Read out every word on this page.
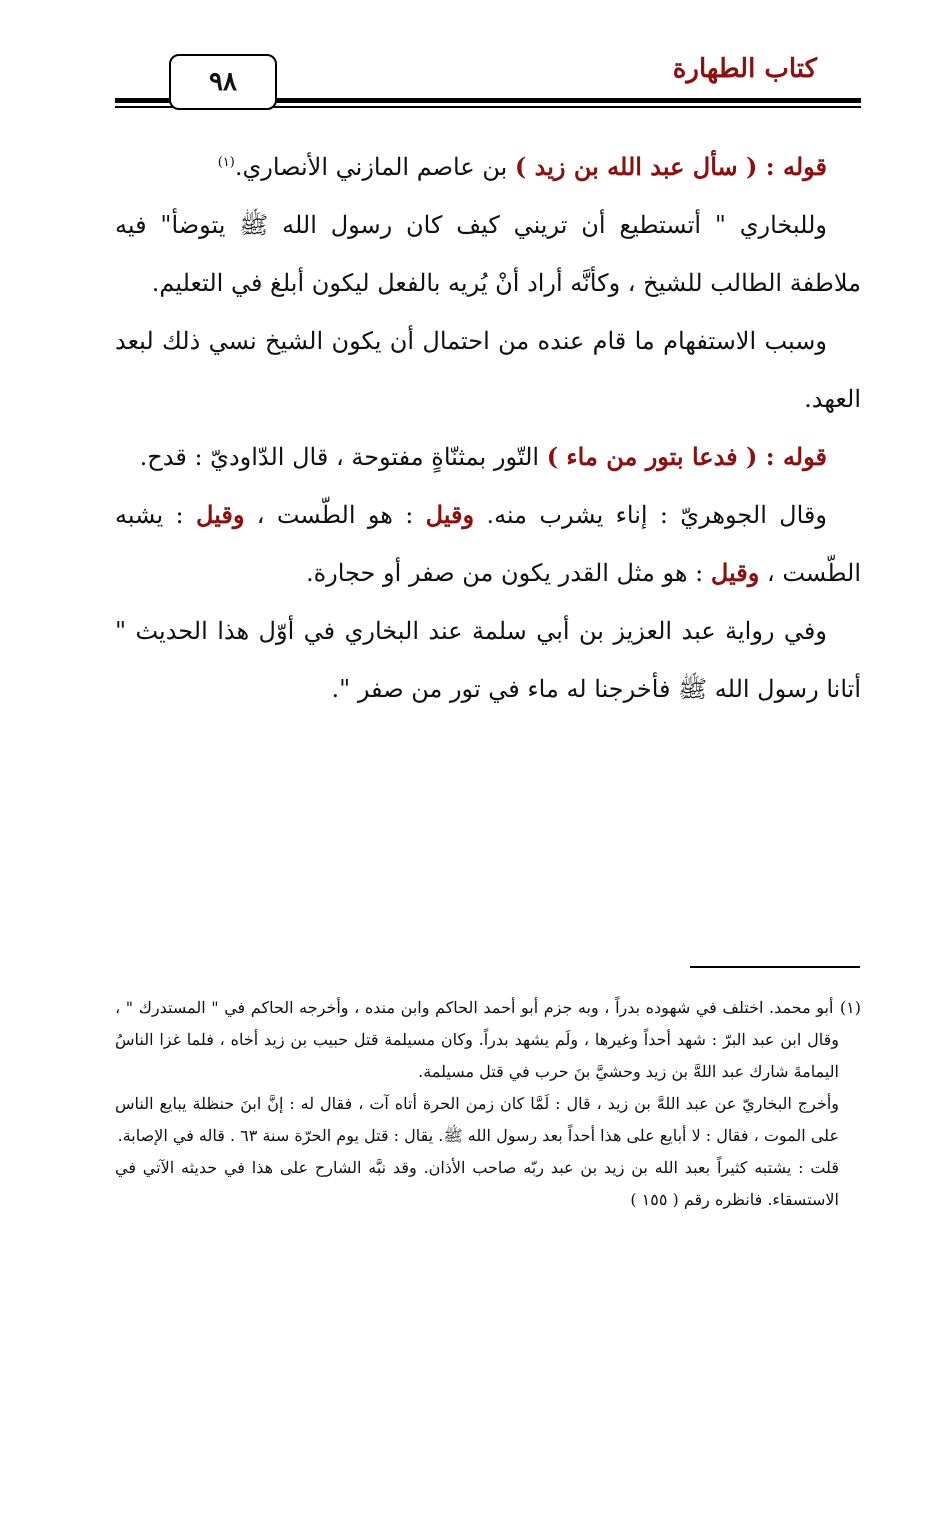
٩٨	كتاب الطهارة

قوله : ( سأل عبد الله بن زيد ) بن عاصم المازني الأنصاري.$^{(١)}$

وللبخاري " أتستطيع أن تريني كيف كان رسول الله ﷺ يتوضأ" فيه ملاطفة الطالب للشيخ ، وكأنَّه أراد أنْ يُريه بالفعل ليكون أبلغ في التعليم.

وسبب الاستفهام ما قام عنده من احتمال أن يكون الشيخ نسي ذلك لبعد العهد.

قوله : ( فدعا بتور من ماء ) التّور بمثنّاةٍ مفتوحة ، قال الدّاوديّ : قدح.

وقال الجوهريّ : إناء يشرب منه. وقيل : هو الطّست ، وقيل : يشبه الطّست ، وقيل : هو مثل القدر يكون من صفر أو حجارة.

وفي رواية عبد العزيز بن أبي سلمة عند البخاري في أوّل هذا الحديث " أتانا رسول الله ﷺ فأخرجنا له ماء في تور من صفر ".

(١) أبو محمد. اختلف في شهوده بدراً ، وبه جزم أبو أحمد الحاكم وابن منده ، وأخرجه الحاكم في " المستدرك " ، وقال ابن عبد البرّ : شهد أحداً وغيرها ، ولَم يشهد بدراً. وكان مسيلمة قتل حبيب بن زيد أخاه ، فلما غزا الناسُ اليمامةَ شارك عبد اللهَّ بن زيد وحشيَّ بنَ حرب في قتل مسيلمة.

وأخرج البخاريّ عن عبد اللهَّ بن زيد ، قال : لَمَّا كان زمن الحرة أتاه آت ، فقال له : إنَّ ابنَ حنظلة يبايع الناس على الموت ، فقال : لا أبايع على هذا أحداً بعد رسول الله ﷺ. يقال : قتل يوم الحرّة سنة ٦٣ . قاله في الإصابة.

قلت : يشتبه كثيراً بعبد الله بن زيد بن عبد ربّه صاحب الأذان. وقد نبَّه الشارح على هذا في حديثه الآتي في الاستسقاء. فانظره رقم ( ١٥٥ )
